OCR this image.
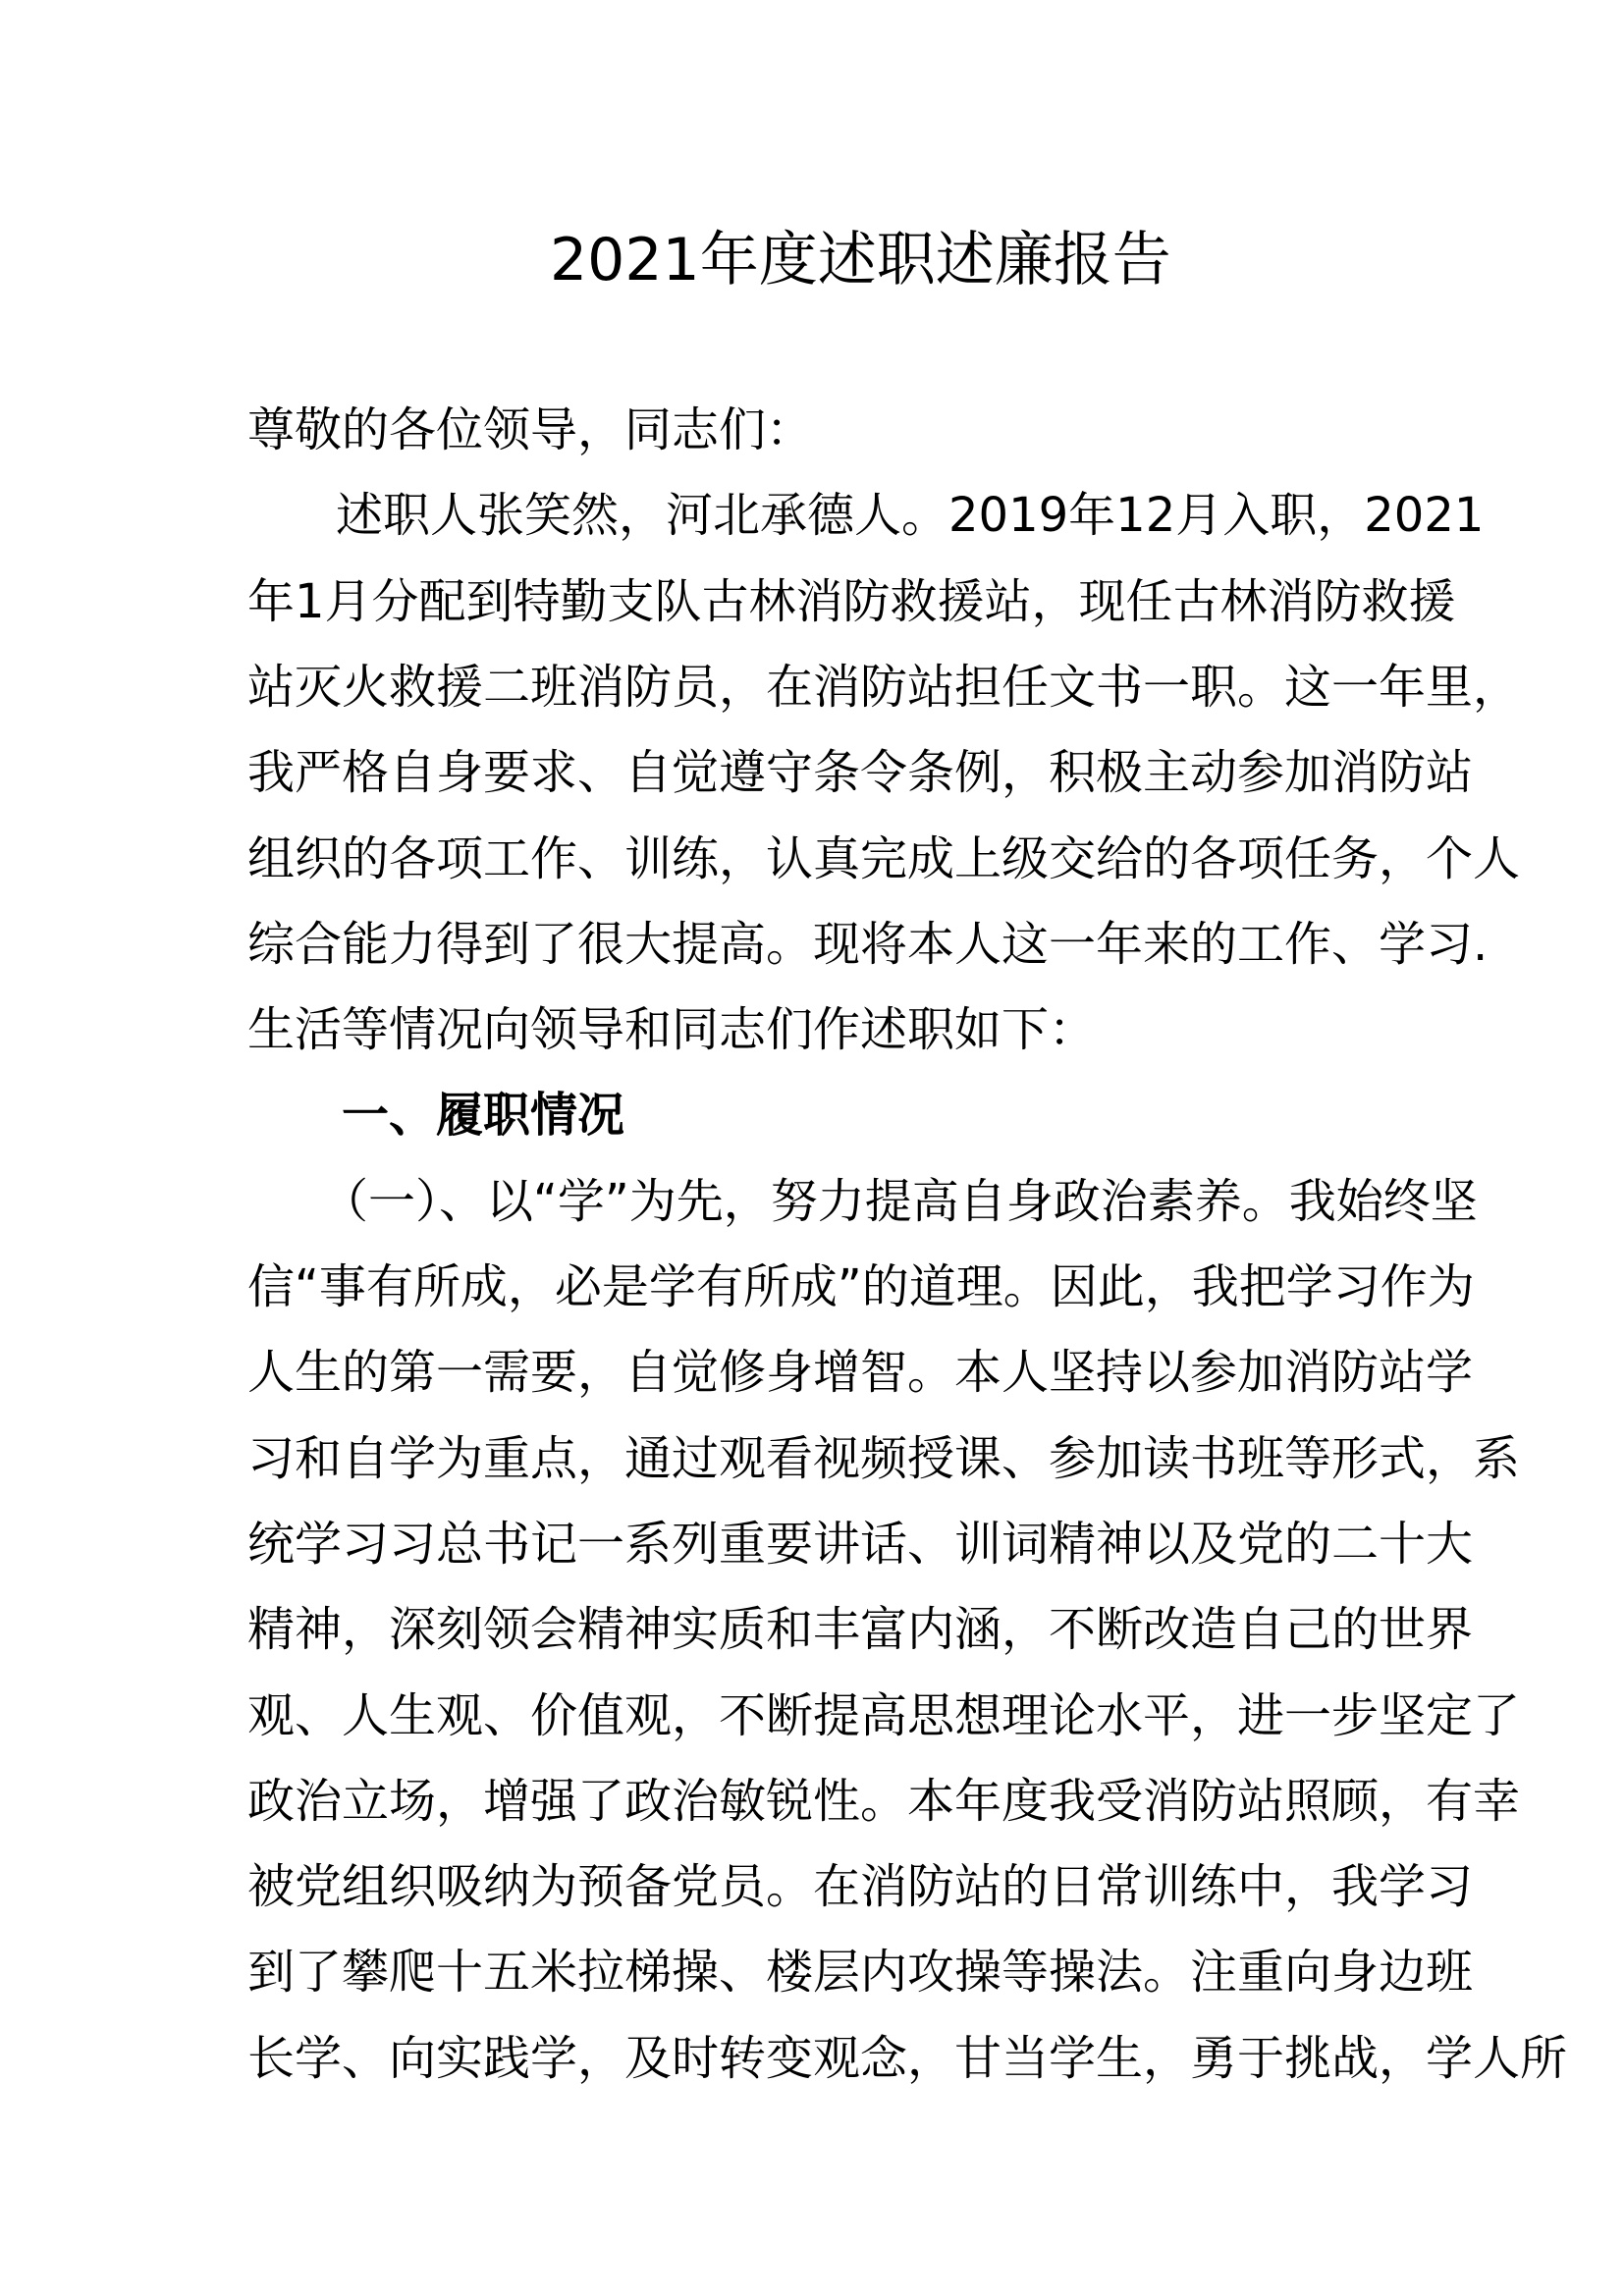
2021年度述职述廉报告
尊敬的各位领导，同志们：
述职人张笑然，河北承德人。2019年12月入职，2021
年1月分配到特勤支队古林消防救援站，现任古林消防救援
站灭火救援二班消防员，在消防站担任文书一职。这一年里，
我严格自身要求、自觉遵守条令条例，积极主动参加消防站
组织的各项工作、训练，认真完成上级交给的各项任务，个人
综合能力得到了很大提高。现将本人这一年来的工作、学习.
生活等情况向领导和同志们作述职如下：
一、履职情况
（一）、以“学”为先，努力提高自身政治素养。我始终坚
信“事有所成，必是学有所成”的道理。因此，我把学习作为
人生的第一需要，自觉修身增智。本人坚持以参加消防站学
习和自学为重点，通过观看视频授课、参加读书班等形式，系
统学习习总书记一系列重要讲话、训词精神以及党的二十大
精神，深刻领会精神实质和丰富内涵，不断改造自己的世界
观、人生观、价值观，不断提高思想理论水平，进一步坚定了
政治立场，增强了政治敏锐性。本年度我受消防站照顾，有幸
被党组织吸纳为预备党员。在消防站的日常训练中，我学习
到了攀爬十五米拉梯操、楼层内攻操等操法。注重向身边班
长学、向实践学，及时转变观念，甘当学生，勇于挑战，学人所
